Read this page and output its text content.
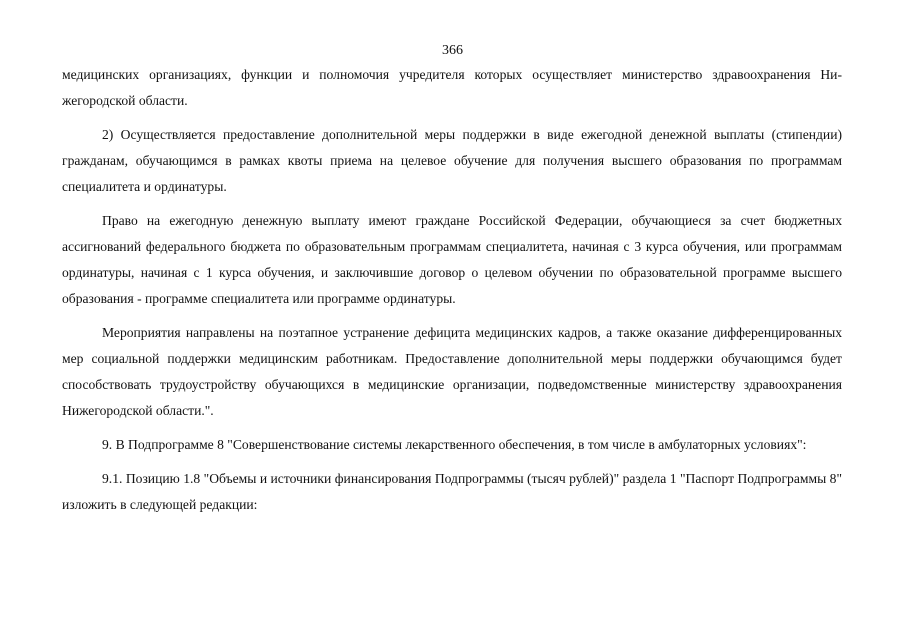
366

медицинских организациях, функции и полномочия учредителя которых осуществляет министерство здравоохранения Нижегородской области.

2) Осуществляется предоставление дополнительной меры поддержки в виде ежегодной денежной выплаты (стипендии) гражданам, обучающимся в рамках квоты приема на целевое обучение для получения высшего образования по программам специалитета и ординатуры.

Право на ежегодную денежную выплату имеют граждане Российской Федерации, обучающиеся за счет бюджетных ассигнований федерального бюджета по образовательным программам специалитета, начиная с 3 курса обучения, или программам ординатуры, начиная с 1 курса обучения, и заключившие договор о целевом обучении по образовательной программе высшего образования - программе специалитета или программе ординатуры.

Мероприятия направлены на поэтапное устранение дефицита медицинских кадров, а также оказание дифференцированных мер социальной поддержки медицинским работникам. Предоставление дополнительной меры поддержки обучающимся будет способствовать трудоустройству обучающихся в медицинские организации, подведомственные министерству здравоохранения Нижегородской области.".

9. В Подпрограмме 8 "Совершенствование системы лекарственного обеспечения, в том числе в амбулаторных условиях":

9.1. Позицию 1.8 "Объемы и источники финансирования Подпрограммы (тысяч рублей)" раздела 1 "Паспорт Подпрограммы 8" изложить в следующей редакции:
